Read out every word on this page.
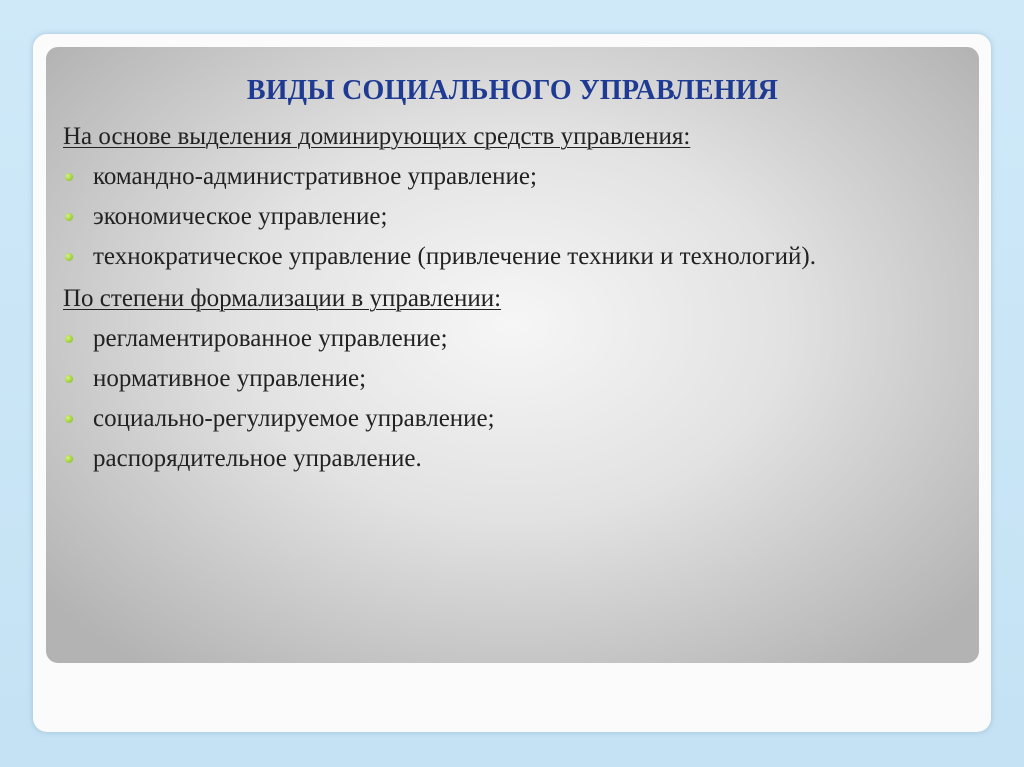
ВИДЫ СОЦИАЛЬНОГО УПРАВЛЕНИЯ

На основе выделения доминирующих средств управления:

командно-административное управление;
экономическое управление;
технократическое управление (привлечение техники и технологий).

По степени формализации в управлении:

регламентированное управление;
нормативное управление;
социально-регулируемое управление;
распорядительное управление.
